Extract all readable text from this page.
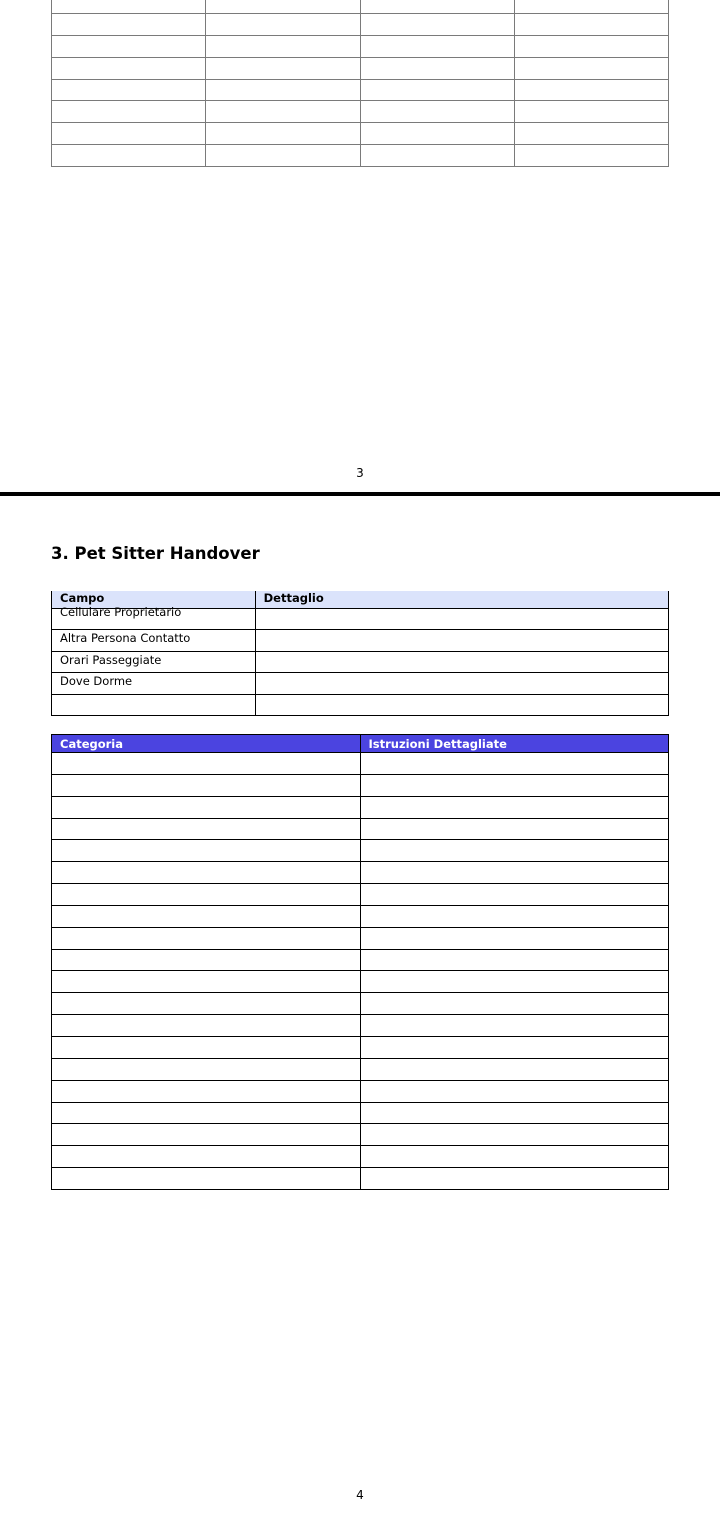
3
3. Pet Sitter Handover
Campo	Dettaglio
Cellulare Proprietario	
Altra Persona Contatto	
Orari Passeggiate	
Dove Dorme	

Categoria	Istruzioni Dettagliate

4
